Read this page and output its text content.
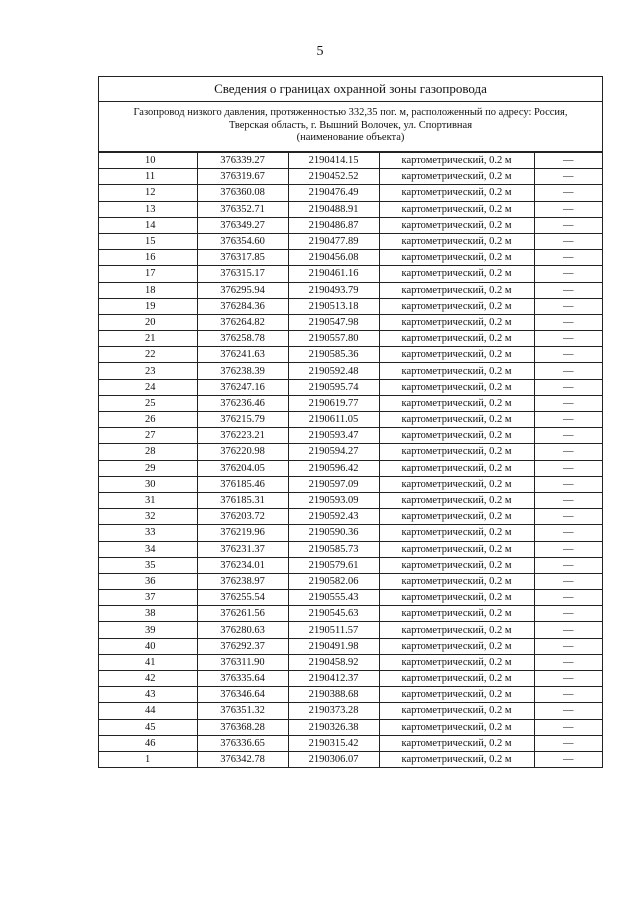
5
Сведения о границах охранной зоны газопровода
Газопровод низкого давления, протяженностью 332,35 пог. м, расположенный по адресу: Россия,
Тверская область, г. Вышний Волочек, ул. Спортивная
(наименование объекта)
10	376339.27	2190414.15	картометрический, 0.2 м	—
11	376319.67	2190452.52	картометрический, 0.2 м	—
12	376360.08	2190476.49	картометрический, 0.2 м	—
13	376352.71	2190488.91	картометрический, 0.2 м	—
14	376349.27	2190486.87	картометрический, 0.2 м	—
15	376354.60	2190477.89	картометрический, 0.2 м	—
16	376317.85	2190456.08	картометрический, 0.2 м	—
17	376315.17	2190461.16	картометрический, 0.2 м	—
18	376295.94	2190493.79	картометрический, 0.2 м	—
19	376284.36	2190513.18	картометрический, 0.2 м	—
20	376264.82	2190547.98	картометрический, 0.2 м	—
21	376258.78	2190557.80	картометрический, 0.2 м	—
22	376241.63	2190585.36	картометрический, 0.2 м	—
23	376238.39	2190592.48	картометрический, 0.2 м	—
24	376247.16	2190595.74	картометрический, 0.2 м	—
25	376236.46	2190619.77	картометрический, 0.2 м	—
26	376215.79	2190611.05	картометрический, 0.2 м	—
27	376223.21	2190593.47	картометрический, 0.2 м	—
28	376220.98	2190594.27	картометрический, 0.2 м	—
29	376204.05	2190596.42	картометрический, 0.2 м	—
30	376185.46	2190597.09	картометрический, 0.2 м	—
31	376185.31	2190593.09	картометрический, 0.2 м	—
32	376203.72	2190592.43	картометрический, 0.2 м	—
33	376219.96	2190590.36	картометрический, 0.2 м	—
34	376231.37	2190585.73	картометрический, 0.2 м	—
35	376234.01	2190579.61	картометрический, 0.2 м	—
36	376238.97	2190582.06	картометрический, 0.2 м	—
37	376255.54	2190555.43	картометрический, 0.2 м	—
38	376261.56	2190545.63	картометрический, 0.2 м	—
39	376280.63	2190511.57	картометрический, 0.2 м	—
40	376292.37	2190491.98	картометрический, 0.2 м	—
41	376311.90	2190458.92	картометрический, 0.2 м	—
42	376335.64	2190412.37	картометрический, 0.2 м	—
43	376346.64	2190388.68	картометрический, 0.2 м	—
44	376351.32	2190373.28	картометрический, 0.2 м	—
45	376368.28	2190326.38	картометрический, 0.2 м	—
46	376336.65	2190315.42	картометрический, 0.2 м	—
1	376342.78	2190306.07	картометрический, 0.2 м	—
